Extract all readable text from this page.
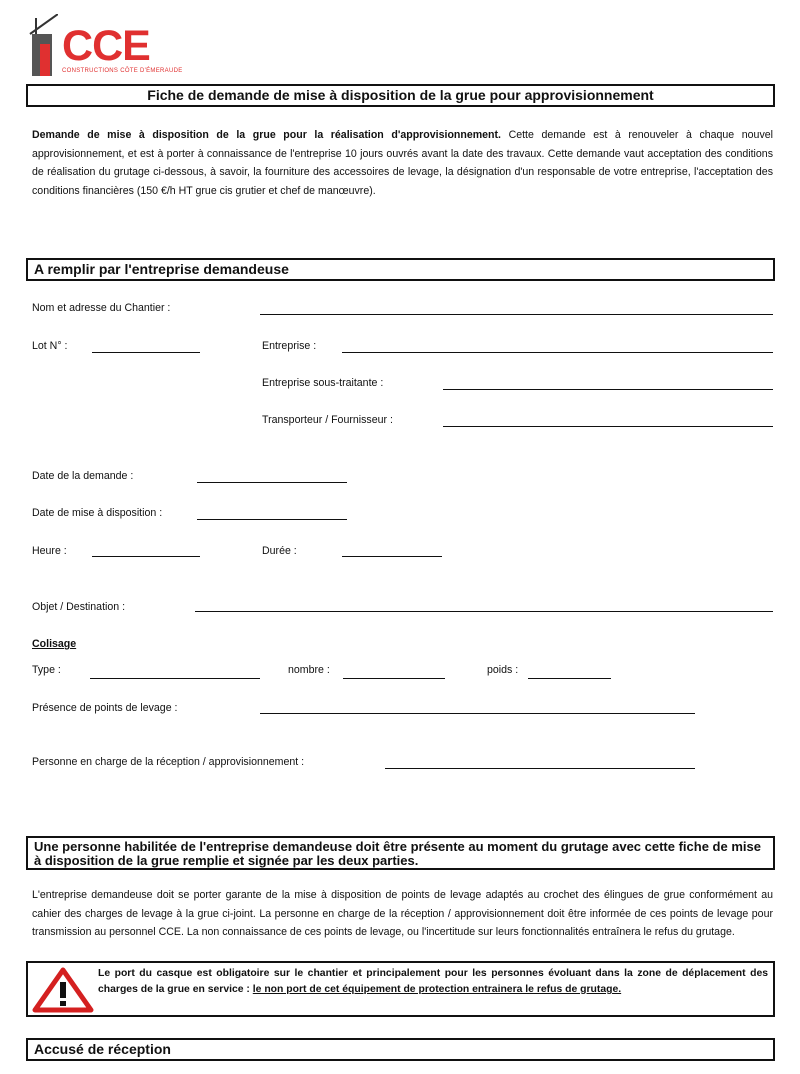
CCE
CONSTRUCTIONS CÔTE D'ÉMERAUDE
Fiche de demande de mise à disposition de la grue pour approvisionnement
Demande de mise à disposition de la grue pour la réalisation d'approvisionnement. Cette demande est à renouveler à chaque nouvel approvisionnement, et est à porter à connaissance de l'entreprise 10 jours ouvrés avant la date des travaux. Cette demande vaut acceptation des conditions de réalisation du grutage ci-dessous, à savoir, la fourniture des accessoires de levage, la désignation d'un responsable de votre entreprise, l'acceptation des conditions financières (150 €/h HT grue cis grutier et chef de manœuvre).
A remplir par l'entreprise demandeuse
Nom et adresse du Chantier :
Lot N° :	Entreprise :
Entreprise sous-traitante :
Transporteur / Fournisseur :
Date de la demande :
Date de mise à disposition :
Heure :	Durée :
Objet / Destination :
Colisage
Type :	nombre :	poids :
Présence de points de levage :
Personne en charge de la réception / approvisionnement :
Une personne habilitée de l'entreprise demandeuse doit être présente au moment du grutage avec cette fiche de mise à disposition de la grue remplie et signée par les deux parties.
L'entreprise demandeuse doit se porter garante de la mise à disposition de points de levage adaptés au crochet des élingues de grue conformément au cahier des charges de levage à la grue ci-joint. La personne en charge de la réception / approvisionnement doit être informée de ces points de levage pour transmission au personnel CCE. La non connaissance de ces points de levage, ou l'incertitude sur leurs fonctionnalités entraînera le refus du grutage.
Le port du casque est obligatoire sur le chantier et principalement pour les personnes évoluant dans la zone de déplacement des charges de la grue en service : le non port de cet équipement de protection entrainera le refus de grutage.
Accusé de réception
